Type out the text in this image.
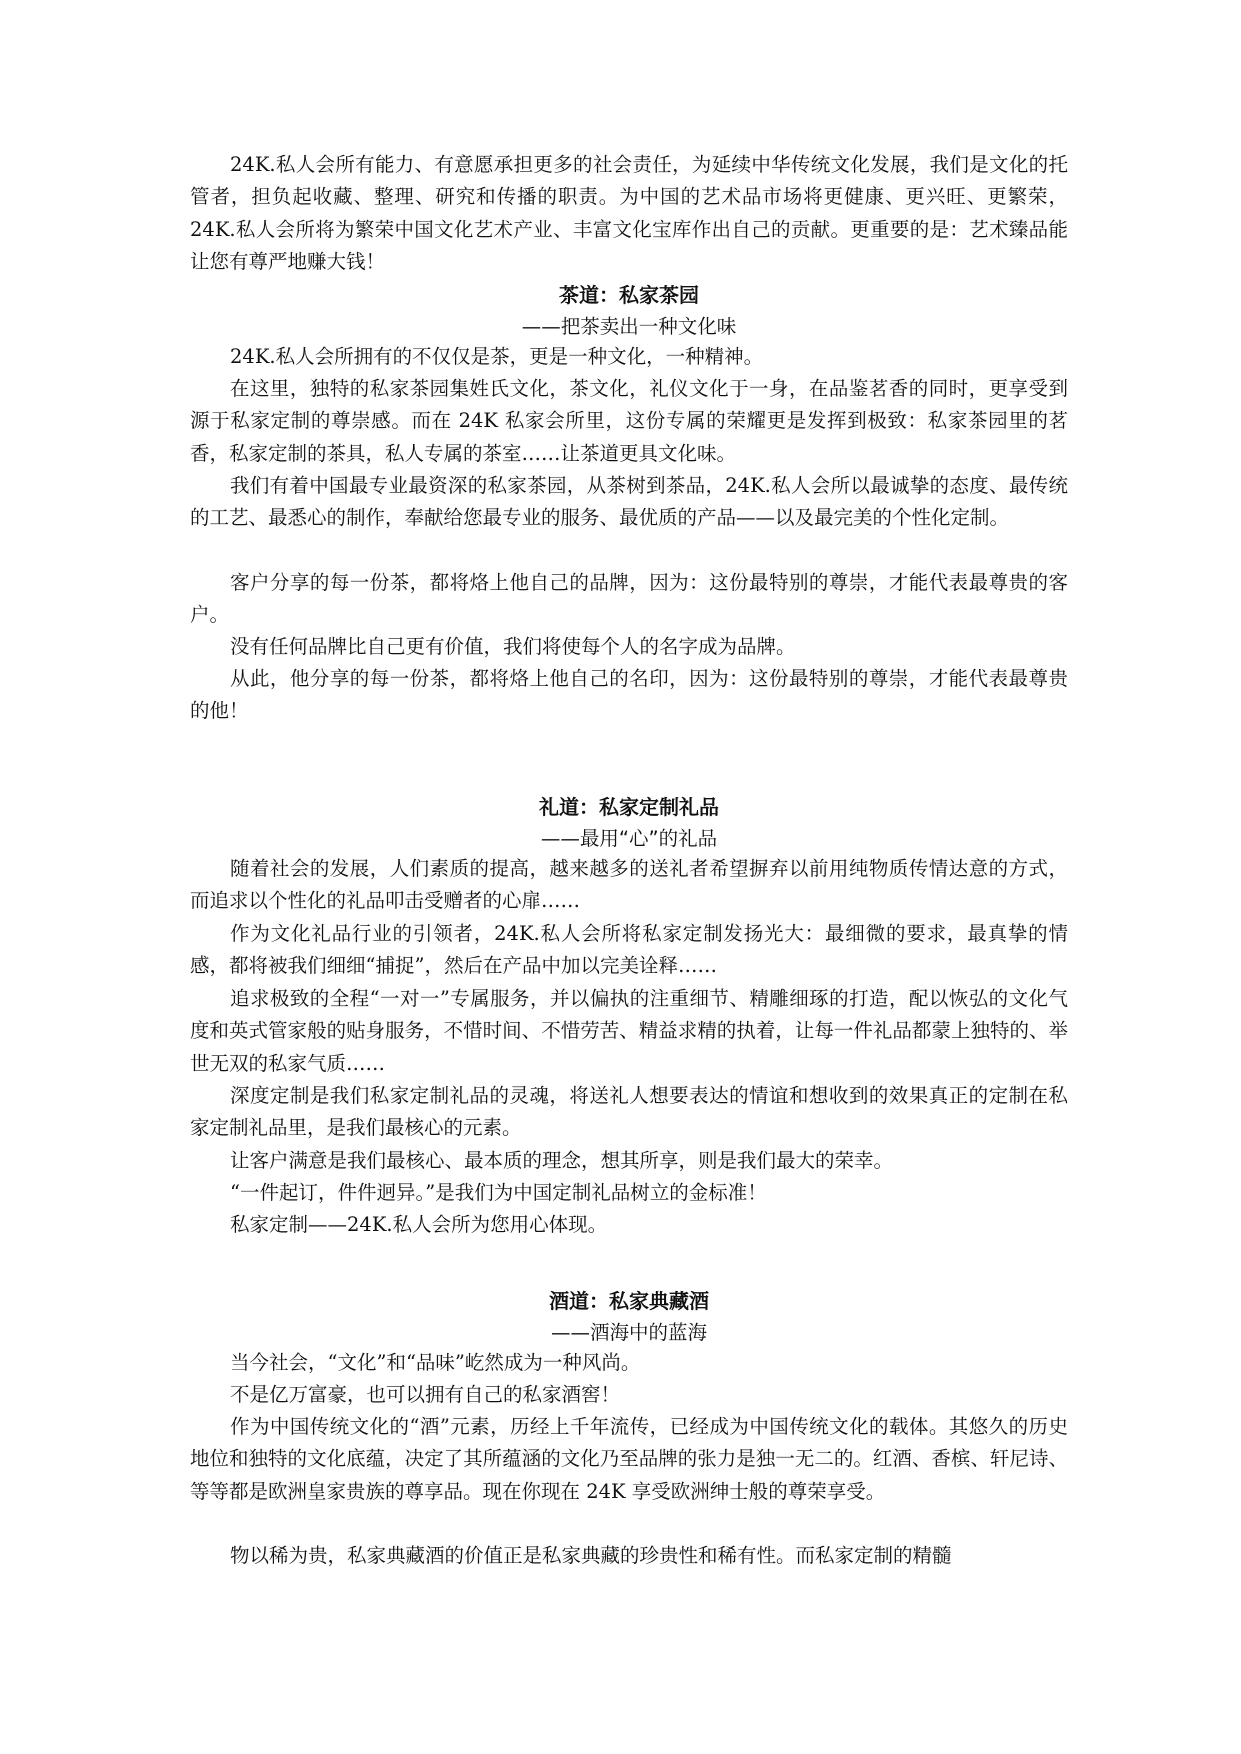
24K.私人会所有能力、有意愿承担更多的社会责任，为延续中华传统文化发展，我们是文化的托管者，担负起收藏、整理、研究和传播的职责。为中国的艺术品市场将更健康、更兴旺、更繁荣，24K.私人会所将为繁荣中国文化艺术产业、丰富文化宝库作出自己的贡献。更重要的是：艺术臻品能让您有尊严地赚大钱！

茶道：私家茶园
——把茶卖出一种文化味

24K.私人会所拥有的不仅仅是茶，更是一种文化，一种精神。

在这里，独特的私家茶园集姓氏文化，茶文化，礼仪文化于一身，在品鉴茗香的同时，更享受到源于私家定制的尊崇感。而在 24K 私家会所里，这份专属的荣耀更是发挥到极致：私家茶园里的茗香，私家定制的茶具，私人专属的茶室……让茶道更具文化味。

我们有着中国最专业最资深的私家茶园，从茶树到茶品，24K.私人会所以最诚挚的态度、最传统的工艺、最悉心的制作，奉献给您最专业的服务、最优质的产品——以及最完美的个性化定制。

客户分享的每一份茶，都将烙上他自己的品牌，因为：这份最特别的尊崇，才能代表最尊贵的客户。

没有任何品牌比自己更有价值，我们将使每个人的名字成为品牌。

从此，他分享的每一份茶，都将烙上他自己的名印，因为：这份最特别的尊崇，才能代表最尊贵的他！

礼道：私家定制礼品
——最用“心”的礼品

随着社会的发展，人们素质的提高，越来越多的送礼者希望摒弃以前用纯物质传情达意的方式，而追求以个性化的礼品叩击受赠者的心扉……

作为文化礼品行业的引领者，24K.私人会所将私家定制发扬光大：最细微的要求，最真挚的情感，都将被我们细细“捕捉”，然后在产品中加以完美诠释……

追求极致的全程“一对一”专属服务，并以偏执的注重细节、精雕细琢的打造，配以恢弘的文化气度和英式管家般的贴身服务，不惜时间、不惜劳苦、精益求精的执着，让每一件礼品都蒙上独特的、举世无双的私家气质……

深度定制是我们私家定制礼品的灵魂，将送礼人想要表达的情谊和想收到的效果真正的定制在私家定制礼品里，是我们最核心的元素。

让客户满意是我们最核心、最本质的理念，想其所享，则是我们最大的荣幸。

“一件起订，件件迥异。”是我们为中国定制礼品树立的金标准！

私家定制——24K.私人会所为您用心体现。

酒道：私家典藏酒
——酒海中的蓝海

当今社会，“文化”和“品味”屹然成为一种风尚。

不是亿万富豪，也可以拥有自己的私家酒窖！

作为中国传统文化的“酒”元素，历经上千年流传，已经成为中国传统文化的载体。其悠久的历史地位和独特的文化底蕴，决定了其所蕴涵的文化乃至品牌的张力是独一无二的。红酒、香槟、轩尼诗、等等都是欧洲皇家贵族的尊享品。现在你现在 24K 享受欧洲绅士般的尊荣享受。

物以稀为贵，私家典藏酒的价值正是私家典藏的珍贵性和稀有性。而私家定制的精髓
